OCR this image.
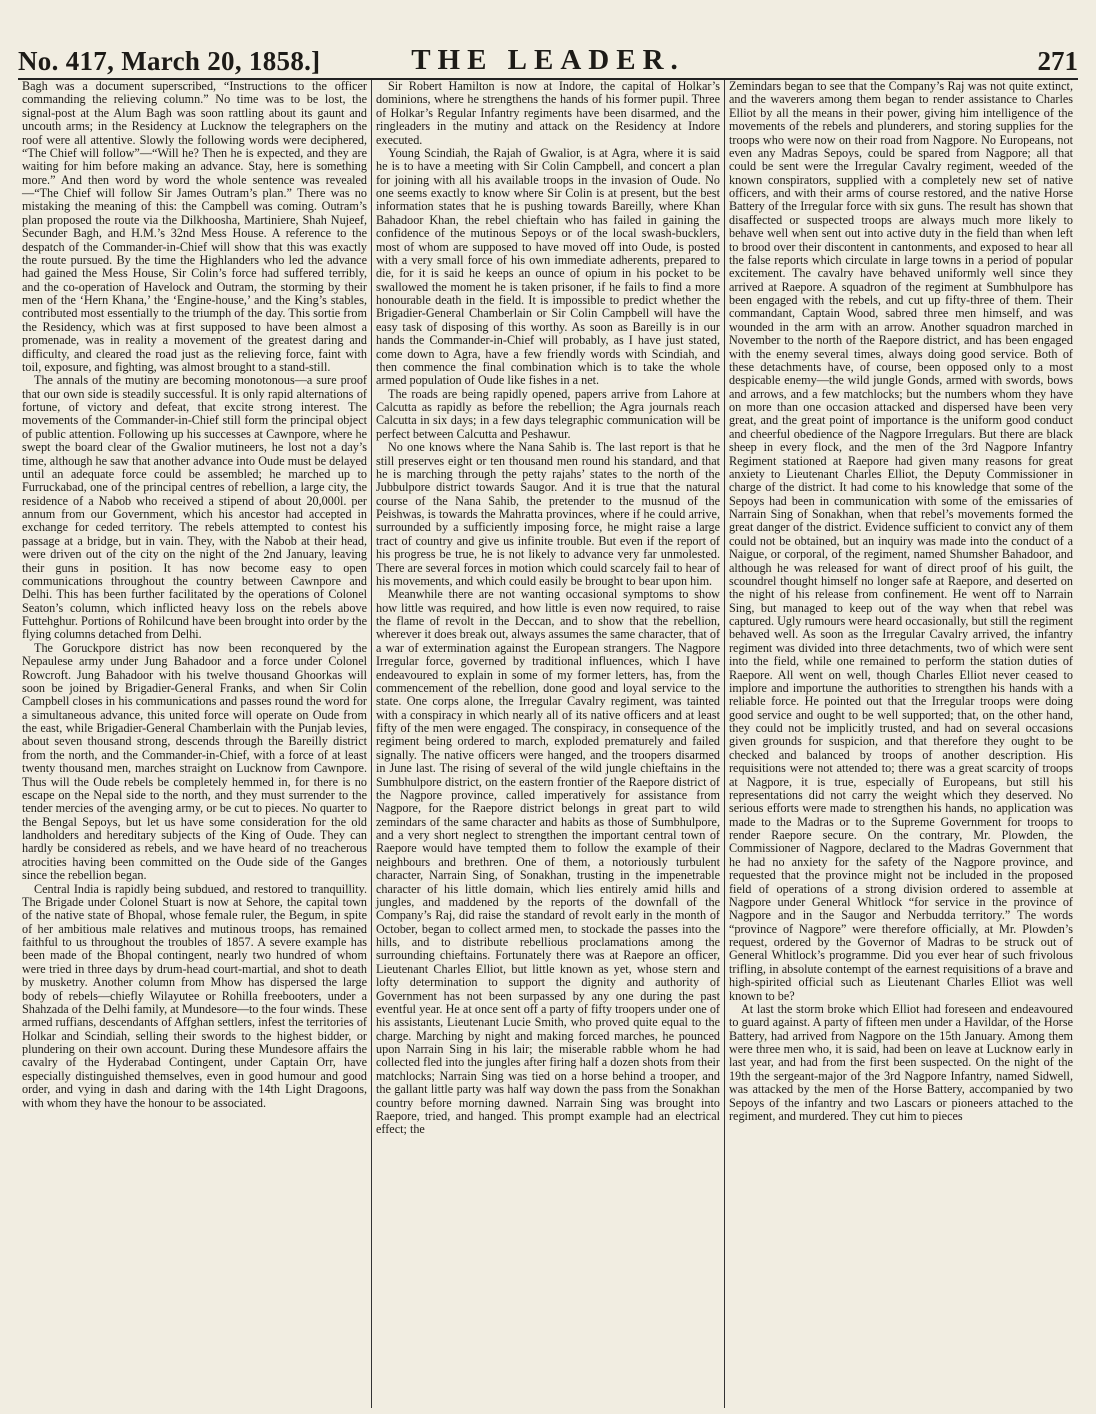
No. 417, March 20, 1858.]	THE LEADER.	271

Bagh was a document superscribed, “Instructions to the officer commanding the relieving column.” No time was to be lost, the signal-post at the Alum Bagh was soon rattling about its gaunt and uncouth arms; in the Residency at Lucknow the telegraphers on the roof were all attentive. Slowly the following words were deciphered, “The Chief will follow”—“Will he? Then he is expected, and they are waiting for him before making an advance. Stay, here is something more.” And then word by word the whole sentence was revealed—“The Chief will follow Sir James Outram’s plan.” There was no mistaking the meaning of this: the Campbell was coming. Outram’s plan proposed the route via the Dilkhoosha, Martiniere, Shah Nujeef, Secunder Bagh, and H.M.’s 32nd Mess House. A reference to the despatch of the Commander-in-Chief will show that this was exactly the route pursued. By the time the Highlanders who led the advance had gained the Mess House, Sir Colin’s force had suffered terribly, and the co-operation of Havelock and Outram, the storming by their men of the ‘Hern Khana,’ the ‘Engine-house,’ and the King’s stables, contributed most essentially to the triumph of the day. This sortie from the Residency, which was at first supposed to have been almost a promenade, was in reality a movement of the greatest daring and difficulty, and cleared the road just as the relieving force, faint with toil, exposure, and fighting, was almost brought to a stand-still.

The annals of the mutiny are becoming monotonous—a sure proof that our own side is steadily successful. It is only rapid alternations of fortune, of victory and defeat, that excite strong interest. The movements of the Commander-in-Chief still form the principal object of public attention. Following up his successes at Cawnpore, where he swept the board clear of the Gwalior mutineers, he lost not a day’s time, although he saw that another advance into Oude must be delayed until an adequate force could be assembled; he marched up to Furruckabad, one of the principal centres of rebellion, a large city, the residence of a Nabob who received a stipend of about 20,000l. per annum from our Government, which his ancestor had accepted in exchange for ceded territory. The rebels attempted to contest his passage at a bridge, but in vain. They, with the Nabob at their head, were driven out of the city on the night of the 2nd January, leaving their guns in position. It has now become easy to open communications throughout the country between Cawnpore and Delhi. This has been further facilitated by the operations of Colonel Seaton’s column, which inflicted heavy loss on the rebels above Futtehghur. Portions of Rohilcund have been brought into order by the flying columns detached from Delhi.

The Goruckpore district has now been reconquered by the Nepaulese army under Jung Bahadoor and a force under Colonel Rowcroft. Jung Bahadoor with his twelve thousand Ghoorkas will soon be joined by Brigadier-General Franks, and when Sir Colin Campbell closes in his communications and passes round the word for a simultaneous advance, this united force will operate on Oude from the east, while Brigadier-General Chamberlain with the Punjab levies, about seven thousand strong, descends through the Bareilly district from the north, and the Commander-in-Chief, with a force of at least twenty thousand men, marches straight on Lucknow from Cawnpore. Thus will the Oude rebels be completely hemmed in, for there is no escape on the Nepal side to the north, and they must surrender to the tender mercies of the avenging army, or be cut to pieces. No quarter to the Bengal Sepoys, but let us have some consideration for the old landholders and hereditary subjects of the King of Oude. They can hardly be considered as rebels, and we have heard of no treacherous atrocities having been committed on the Oude side of the Ganges since the rebellion began.

Central India is rapidly being subdued, and restored to tranquillity. The Brigade under Colonel Stuart is now at Sehore, the capital town of the native state of Bhopal, whose female ruler, the Begum, in spite of her ambitious male relatives and mutinous troops, has remained faithful to us throughout the troubles of 1857. A severe example has been made of the Bhopal contingent, nearly two hundred of whom were tried in three days by drum-head court-martial, and shot to death by musketry. Another column from Mhow has dispersed the large body of rebels—chiefly Wilayutee or Rohilla freebooters, under a Shahzada of the Delhi family, at Mundesore—to the four winds. These armed ruffians, descendants of Affghan settlers, infest the territories of Holkar and Scindiah, selling their swords to the highest bidder, or plundering on their own account. During these Mundesore affairs the cavalry of the Hyderabad Contingent, under Captain Orr, have especially distinguished themselves, even in good humour and good order, and vying in dash and daring with the 14th Light Dragoons, with whom they have the honour to be associated.

Sir Robert Hamilton is now at Indore, the capital of Holkar’s dominions, where he strengthens the hands of his former pupil. Three of Holkar’s Regular Infantry regiments have been disarmed, and the ringleaders in the mutiny and attack on the Residency at Indore executed.

Young Scindiah, the Rajah of Gwalior, is at Agra, where it is said he is to have a meeting with Sir Colin Campbell, and concert a plan for joining with all his available troops in the invasion of Oude. No one seems exactly to know where Sir Colin is at present, but the best information states that he is pushing towards Bareilly, where Khan Bahadoor Khan, the rebel chieftain who has failed in gaining the confidence of the mutinous Sepoys or of the local swash-bucklers, most of whom are supposed to have moved off into Oude, is posted with a very small force of his own immediate adherents, prepared to die, for it is said he keeps an ounce of opium in his pocket to be swallowed the moment he is taken prisoner, if he fails to find a more honourable death in the field. It is impossible to predict whether the Brigadier-General Chamberlain or Sir Colin Campbell will have the easy task of disposing of this worthy. As soon as Bareilly is in our hands the Commander-in-Chief will probably, as I have just stated, come down to Agra, have a few friendly words with Scindiah, and then commence the final combination which is to take the whole armed population of Oude like fishes in a net.

The roads are being rapidly opened, papers arrive from Lahore at Calcutta as rapidly as before the rebellion; the Agra journals reach Calcutta in six days; in a few days telegraphic communication will be perfect between Calcutta and Peshawur.

No one knows where the Nana Sahib is. The last report is that he still preserves eight or ten thousand men round his standard, and that he is marching through the petty rajahs’ states to the north of the Jubbulpore district towards Saugor. And it is true that the natural course of the Nana Sahib, the pretender to the musnud of the Peishwas, is towards the Mahratta provinces, where if he could arrive, surrounded by a sufficiently imposing force, he might raise a large tract of country and give us infinite trouble. But even if the report of his progress be true, he is not likely to advance very far unmolested. There are several forces in motion which could scarcely fail to hear of his movements, and which could easily be brought to bear upon him.

Meanwhile there are not wanting occasional symptoms to show how little was required, and how little is even now required, to raise the flame of revolt in the Deccan, and to show that the rebellion, wherever it does break out, always assumes the same character, that of a war of extermination against the European strangers. The Nagpore Irregular force, governed by traditional influences, which I have endeavoured to explain in some of my former letters, has, from the commencement of the rebellion, done good and loyal service to the state. One corps alone, the Irregular Cavalry regiment, was tainted with a conspiracy in which nearly all of its native officers and at least fifty of the men were engaged. The conspiracy, in consequence of the regiment being ordered to march, exploded prematurely and failed signally. The native officers were hanged, and the troopers disarmed in June last. The rising of several of the wild jungle chieftains in the Sumbhulpore district, on the eastern frontier of the Raepore district of the Nagpore province, called imperatively for assistance from Nagpore, for the Raepore district belongs in great part to wild zemindars of the same character and habits as those of Sumbhulpore, and a very short neglect to strengthen the important central town of Raepore would have tempted them to follow the example of their neighbours and brethren. One of them, a notoriously turbulent character, Narrain Sing, of Sonakhan, trusting in the impenetrable character of his little domain, which lies entirely amid hills and jungles, and maddened by the reports of the downfall of the Company’s Raj, did raise the standard of revolt early in the month of October, began to collect armed men, to stockade the passes into the hills, and to distribute rebellious proclamations among the surrounding chieftains. Fortunately there was at Raepore an officer, Lieutenant Charles Elliot, but little known as yet, whose stern and lofty determination to support the dignity and authority of Government has not been surpassed by any one during the past eventful year. He at once sent off a party of fifty troopers under one of his assistants, Lieutenant Lucie Smith, who proved quite equal to the charge. Marching by night and making forced marches, he pounced upon Narrain Sing in his lair; the miserable rabble whom he had collected fled into the jungles after firing half a dozen shots from their matchlocks; Narrain Sing was tied on a horse behind a trooper, and the gallant little party was half way down the pass from the Sonakhan country before morning dawned. Narrain Sing was brought into Raepore, tried, and hanged. This prompt example had an electrical effect; the

Zemindars began to see that the Company’s Raj was not quite extinct, and the waverers among them began to render assistance to Charles Elliot by all the means in their power, giving him intelligence of the movements of the rebels and plunderers, and storing supplies for the troops who were now on their road from Nagpore. No Europeans, not even any Madras Sepoys, could be spared from Nagpore; all that could be sent were the Irregular Cavalry regiment, weeded of the known conspirators, supplied with a completely new set of native officers, and with their arms of course restored, and the native Horse Battery of the Irregular force with six guns. The result has shown that disaffected or suspected troops are always much more likely to behave well when sent out into active duty in the field than when left to brood over their discontent in cantonments, and exposed to hear all the false reports which circulate in large towns in a period of popular excitement. The cavalry have behaved uniformly well since they arrived at Raepore. A squadron of the regiment at Sumbhulpore has been engaged with the rebels, and cut up fifty-three of them. Their commandant, Captain Wood, sabred three men himself, and was wounded in the arm with an arrow. Another squadron marched in November to the north of the Raepore district, and has been engaged with the enemy several times, always doing good service. Both of these detachments have, of course, been opposed only to a most despicable enemy—the wild jungle Gonds, armed with swords, bows and arrows, and a few matchlocks; but the numbers whom they have on more than one occasion attacked and dispersed have been very great, and the great point of importance is the uniform good conduct and cheerful obedience of the Nagpore Irregulars. But there are black sheep in every flock, and the men of the 3rd Nagpore Infantry Regiment stationed at Raepore had given many reasons for great anxiety to Lieutenant Charles Elliot, the Deputy Commissioner in charge of the district. It had come to his knowledge that some of the Sepoys had been in communication with some of the emissaries of Narrain Sing of Sonakhan, when that rebel’s movements formed the great danger of the district. Evidence sufficient to convict any of them could not be obtained, but an inquiry was made into the conduct of a Naigue, or corporal, of the regiment, named Shumsher Bahadoor, and although he was released for want of direct proof of his guilt, the scoundrel thought himself no longer safe at Raepore, and deserted on the night of his release from confinement. He went off to Narrain Sing, but managed to keep out of the way when that rebel was captured. Ugly rumours were heard occasionally, but still the regiment behaved well. As soon as the Irregular Cavalry arrived, the infantry regiment was divided into three detachments, two of which were sent into the field, while one remained to perform the station duties of Raepore. All went on well, though Charles Elliot never ceased to implore and importune the authorities to strengthen his hands with a reliable force. He pointed out that the Irregular troops were doing good service and ought to be well supported; that, on the other hand, they could not be implicitly trusted, and had on several occasions given grounds for suspicion, and that therefore they ought to be checked and balanced by troops of another description. His requisitions were not attended to; there was a great scarcity of troops at Nagpore, it is true, especially of Europeans, but still his representations did not carry the weight which they deserved. No serious efforts were made to strengthen his hands, no application was made to the Madras or to the Supreme Government for troops to render Raepore secure. On the contrary, Mr. Plowden, the Commissioner of Nagpore, declared to the Madras Government that he had no anxiety for the safety of the Nagpore province, and requested that the province might not be included in the proposed field of operations of a strong division ordered to assemble at Nagpore under General Whitlock “for service in the province of Nagpore and in the Saugor and Nerbudda territory.” The words “province of Nagpore” were therefore officially, at Mr. Plowden’s request, ordered by the Governor of Madras to be struck out of General Whitlock’s programme. Did you ever hear of such frivolous trifling, in absolute contempt of the earnest requisitions of a brave and high-spirited official such as Lieutenant Charles Elliot was well known to be?

At last the storm broke which Elliot had foreseen and endeavoured to guard against. A party of fifteen men under a Havildar, of the Horse Battery, had arrived from Nagpore on the 15th January. Among them were three men who, it is said, had been on leave at Lucknow early in last year, and had from the first been suspected. On the night of the 19th the sergeant-major of the 3rd Nagpore Infantry, named Sidwell, was attacked by the men of the Horse Battery, accompanied by two Sepoys of the infantry and two Lascars or pioneers attached to the regiment, and murdered. They cut him to pieces
